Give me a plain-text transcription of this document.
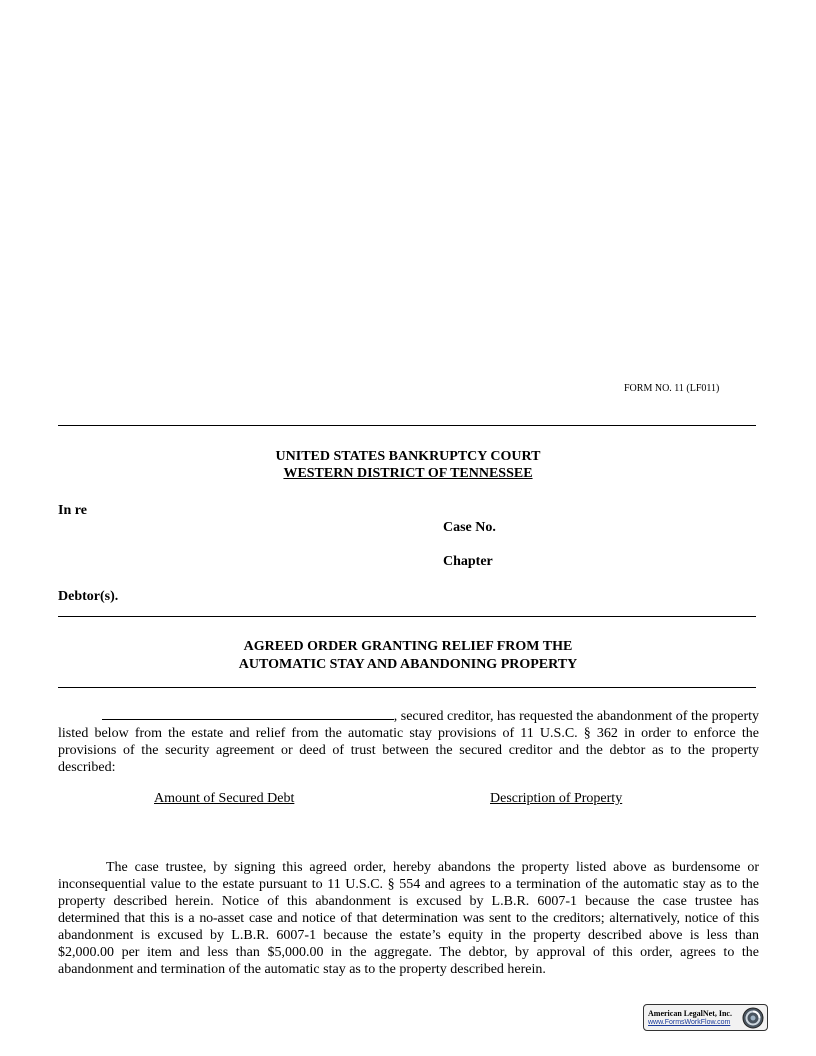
FORM NO. 11 (LF011)
UNITED STATES BANKRUPTCY COURT
WESTERN DISTRICT OF TENNESSEE
In re
Case No.
Chapter
Debtor(s).
AGREED ORDER GRANTING RELIEF FROM THE
AUTOMATIC STAY AND ABANDONING PROPERTY
, secured creditor, has requested the abandonment of the property
listed below from the estate and relief from the automatic stay provisions of 11 U.S.C. § 362 in order to enforce the
provisions of the security agreement or deed of trust between the secured creditor and the debtor as to the property
described:
Amount of Secured Debt	Description of Property
The case trustee, by signing this agreed order, hereby abandons the property listed above as burdensome or
inconsequential value to the estate pursuant to 11 U.S.C. § 554 and agrees to a termination of the automatic stay as to the
property described herein. Notice of this abandonment is excused by L.B.R. 6007-1 because the case trustee has
determined that this is a no-asset case and notice of that determination was sent to the creditors; alternatively, notice of this
abandonment is excused by L.B.R. 6007-1 because the estate’s equity in the property described above is less than
$2,000.00 per item and less than $5,000.00 in the aggregate. The debtor, by approval of this order, agrees to the
abandonment and termination of the automatic stay as to the property described herein.
American LegalNet, Inc.
www.FormsWorkFlow.com
